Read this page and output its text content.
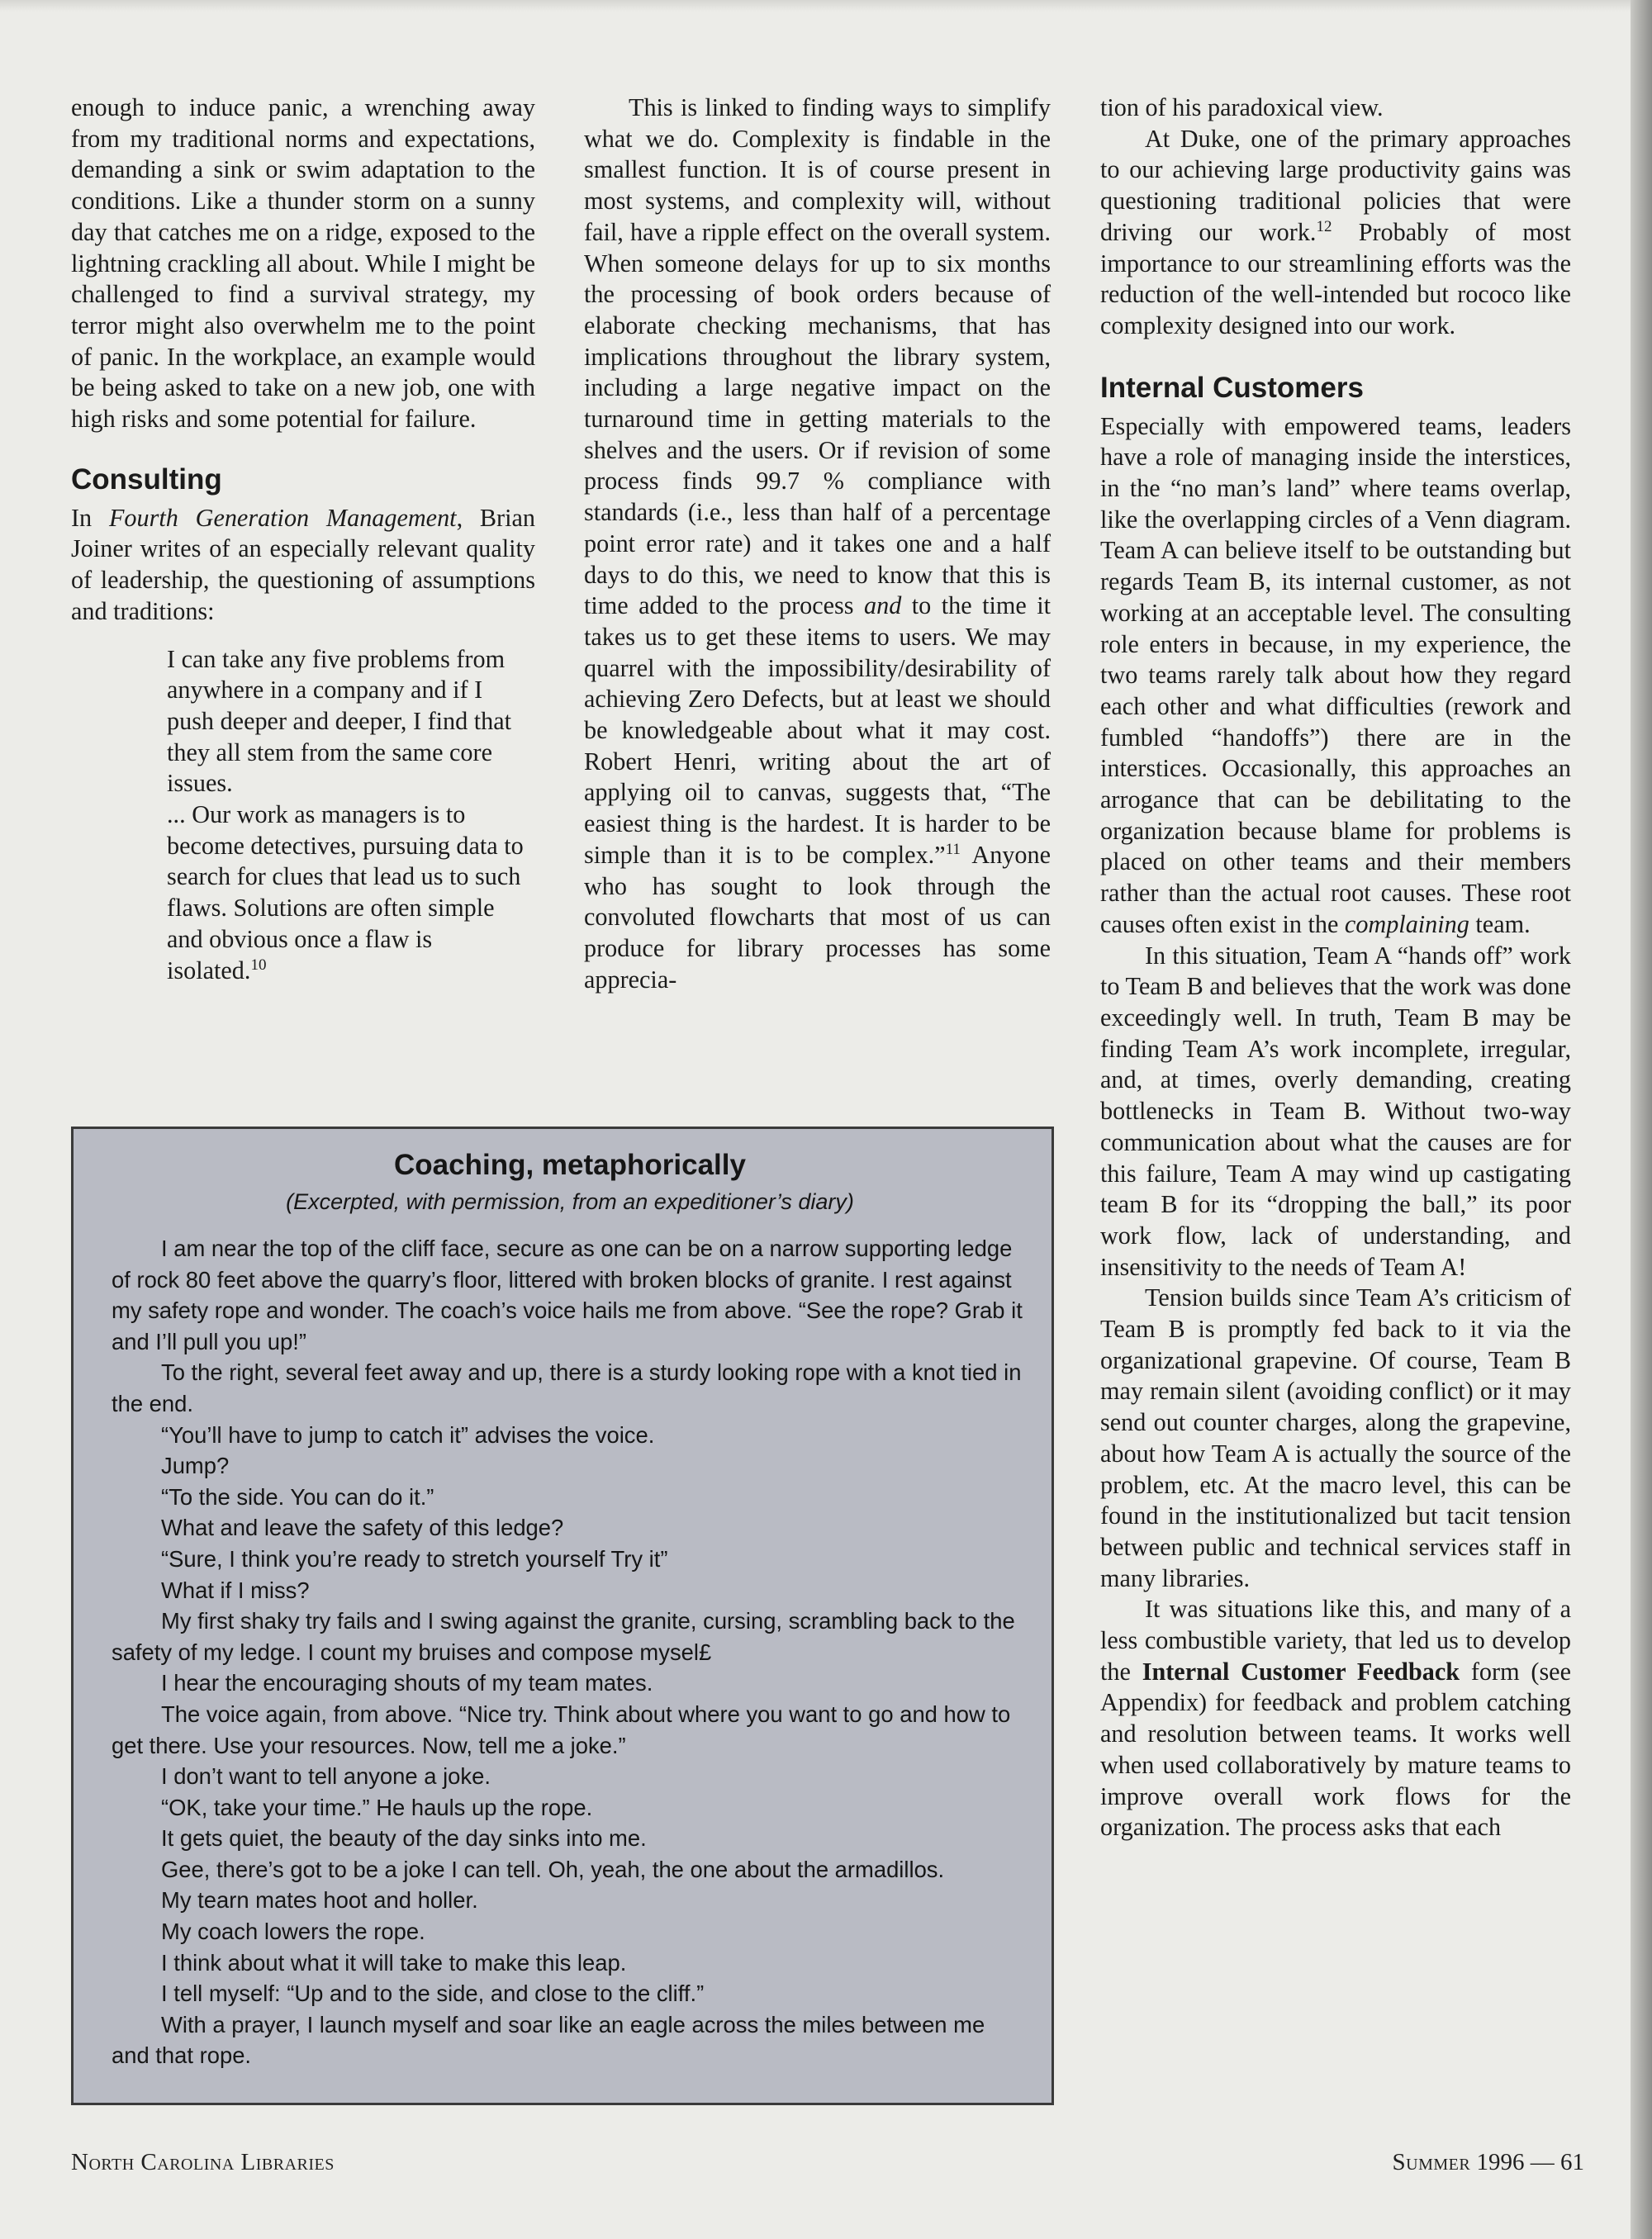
enough to induce panic, a wrenching away from my traditional norms and expectations, demanding a sink or swim adaptation to the conditions. Like a thunder storm on a sunny day that catches me on a ridge, exposed to the lightning crackling all about. While I might be challenged to find a survival strategy, my terror might also overwhelm me to the point of panic. In the workplace, an example would be being asked to take on a new job, one with high risks and some potential for failure.

Consulting

In Fourth Generation Management, Brian Joiner writes of an especially relevant quality of leadership, the questioning of assumptions and traditions:

I can take any five problems from anywhere in a company and if I push deeper and deeper, I find that they all stem from the same core issues.

... Our work as managers is to become detectives, pursuing data to search for clues that lead us to such flaws. Solutions are often simple and obvious once a flaw is isolated.$^{10}$

This is linked to finding ways to simplify what we do. Complexity is findable in the smallest function. It is of course present in most systems, and complexity will, without fail, have a ripple effect on the overall system. When someone delays for up to six months the processing of book orders because of elaborate checking mechanisms, that has implications throughout the library system, including a large negative impact on the turnaround time in getting materials to the shelves and the users. Or if revision of some process finds 99.7 % compliance with standards (i.e., less than half of a percentage point error rate) and it takes one and a half days to do this, we need to know that this is time added to the process and to the time it takes us to get these items to users. We may quarrel with the impossibility/desirability of achieving Zero Defects, but at least we should be knowledgeable about what it may cost. Robert Henri, writing about the art of applying oil to canvas, suggests that, “The easiest thing is the hardest. It is harder to be simple than it is to be complex.”$^{11}$ Anyone who has sought to look through the convoluted flowcharts that most of us can produce for library processes has some apprecia-

tion of his paradoxical view.

At Duke, one of the primary approaches to our achieving large productivity gains was questioning traditional policies that were driving our work.$^{12}$ Probably of most importance to our streamlining efforts was the reduction of the well-intended but rococo like complexity designed into our work.

Internal Customers

Especially with empowered teams, leaders have a role of managing inside the interstices, in the “no man’s land” where teams overlap, like the overlapping circles of a Venn diagram. Team A can believe itself to be outstanding but regards Team B, its internal customer, as not working at an acceptable level. The consulting role enters in because, in my experience, the two teams rarely talk about how they regard each other and what difficulties (rework and fumbled “handoffs”) there are in the interstices. Occasionally, this approaches an arrogance that can be debilitating to the organization because blame for problems is placed on other teams and their members rather than the actual root causes. These root causes often exist in the complaining team.

In this situation, Team A “hands off” work to Team B and believes that the work was done exceedingly well. In truth, Team B may be finding Team A’s work incomplete, irregular, and, at times, overly demanding, creating bottlenecks in Team B. Without two-way communication about what the causes are for this failure, Team A may wind up castigating team B for its “dropping the ball,” its poor work flow, lack of understanding, and insensitivity to the needs of Team A!

Tension builds since Team A’s criticism of Team B is promptly fed back to it via the organizational grapevine. Of course, Team B may remain silent (avoiding conflict) or it may send out counter charges, along the grapevine, about how Team A is actually the source of the problem, etc. At the macro level, this can be found in the institutionalized but tacit tension between public and technical services staff in many libraries.

It was situations like this, and many of a less combustible variety, that led us to develop the Internal Customer Feedback form (see Appendix) for feedback and problem catching and resolution between teams. It works well when used collaboratively by mature teams to improve overall work flows for the organization. The process asks that each

Coaching, metaphorically

(Excerpted, with permission, from an expeditioner’s diary)

I am near the top of the cliff face, secure as one can be on a narrow supporting ledge of rock 80 feet above the quarry’s floor, littered with broken blocks of granite. I rest against my safety rope and wonder. The coach’s voice hails me from above. “See the rope? Grab it and I’ll pull you up!”

To the right, several feet away and up, there is a sturdy looking rope with a knot tied in the end.

“You’ll have to jump to catch it” advises the voice.

Jump?

“To the side. You can do it.”

What and leave the safety of this ledge?

“Sure, I think you’re ready to stretch yourself Try it”

What if I miss?

My first shaky try fails and I swing against the granite, cursing, scrambling back to the safety of my ledge. I count my bruises and compose mysel£

I hear the encouraging shouts of my team mates.

The voice again, from above. “Nice try. Think about where you want to go and how to get there. Use your resources. Now, tell me a joke.”

I don’t want to tell anyone a joke.

“OK, take your time.” He hauls up the rope.

It gets quiet, the beauty of the day sinks into me.

Gee, there’s got to be a joke I can tell. Oh, yeah, the one about the armadillos.

My tearn mates hoot and holler.

My coach lowers the rope.

I think about what it will take to make this leap.

I tell myself: “Up and to the side, and close to the cliff.”

With a prayer, I launch myself and soar like an eagle across the miles between me and that rope.

North Carolina Libraries	Summer 1996 — 61
